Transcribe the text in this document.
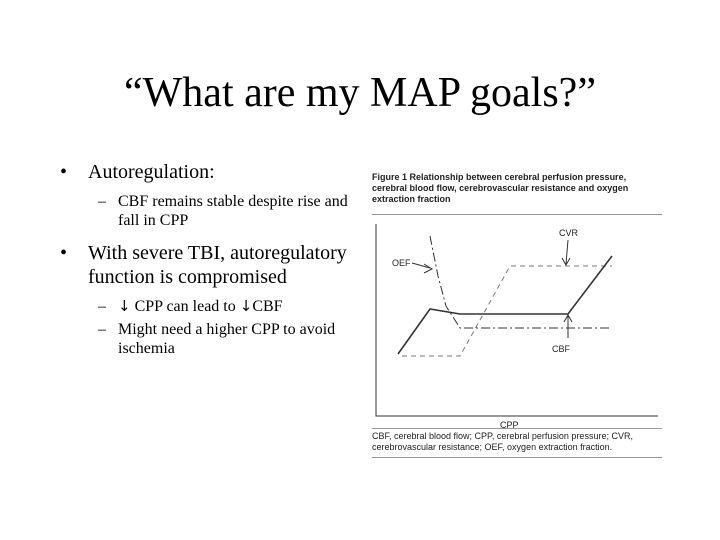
“What are my MAP goals?”

• Autoregulation:

– CBF remains stable despite rise and fall in CPP

• With severe TBI, autoregulatory function is compromised

– ↓ CPP can lead to ↓CBF

– Might need a higher CPP to avoid ischemia

Figure 1 Relationship between cerebral perfusion pressure, cerebral blood flow, cerebrovascular resistance and oxygen extraction fraction
CVR
OEF
CBF
CPP
CBF, cerebral blood flow; CPP, cerebral perfusion pressure; CVR, cerebrovascular resistance; OEF, oxygen extraction fraction.
